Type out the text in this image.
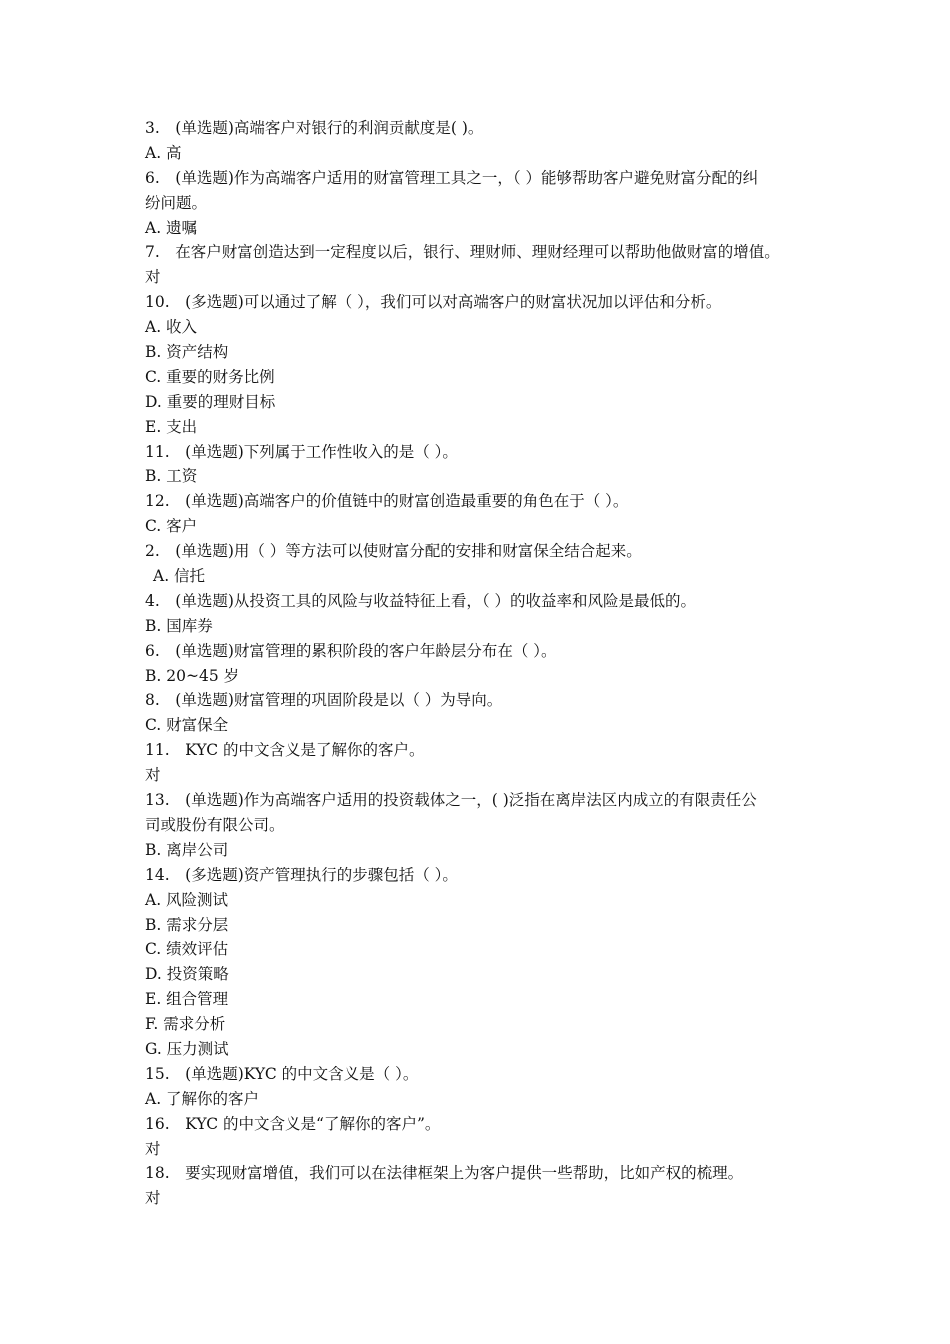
3.　(单选题)高端客户对银行的利润贡献度是( )。
A. 高
6.　(单选题)作为高端客户适用的财富管理工具之一，（ ）能够帮助客户避免财富分配的纠
纷问题。
A. 遗嘱
7.　在客户财富创造达到一定程度以后，银行、理财师、理财经理可以帮助他做财富的增值。
对
10.　(多选题)可以通过了解（ ），我们可以对高端客户的财富状况加以评估和分析。
A. 收入
B. 资产结构
C. 重要的财务比例
D. 重要的理财目标
E. 支出
11.　(单选题)下列属于工作性收入的是（ ）。
B. 工资
12.　(单选题)高端客户的价值链中的财富创造最重要的角色在于（ ）。
C. 客户
2.　(单选题)用（ ）等方法可以使财富分配的安排和财富保全结合起来。
A. 信托
4.　(单选题)从投资工具的风险与收益特征上看，（ ）的收益率和风险是最低的。
B. 国库券
6.　(单选题)财富管理的累积阶段的客户年龄层分布在（ ）。
B. 20~45 岁
8.　(单选题)财富管理的巩固阶段是以（ ）为导向。
C. 财富保全
11.　KYC 的中文含义是了解你的客户。
对
13.　(单选题)作为高端客户适用的投资载体之一，( )泛指在离岸法区内成立的有限责任公
司或股份有限公司。
B. 离岸公司
14.　(多选题)资产管理执行的步骤包括（ ）。
A. 风险测试
B. 需求分层
C. 绩效评估
D. 投资策略
E. 组合管理
F. 需求分析
G. 压力测试
15.　(单选题)KYC 的中文含义是（ ）。
A. 了解你的客户
16.　KYC 的中文含义是“了解你的客户”。
对
18.　要实现财富增值，我们可以在法律框架上为客户提供一些帮助，比如产权的梳理。
对
